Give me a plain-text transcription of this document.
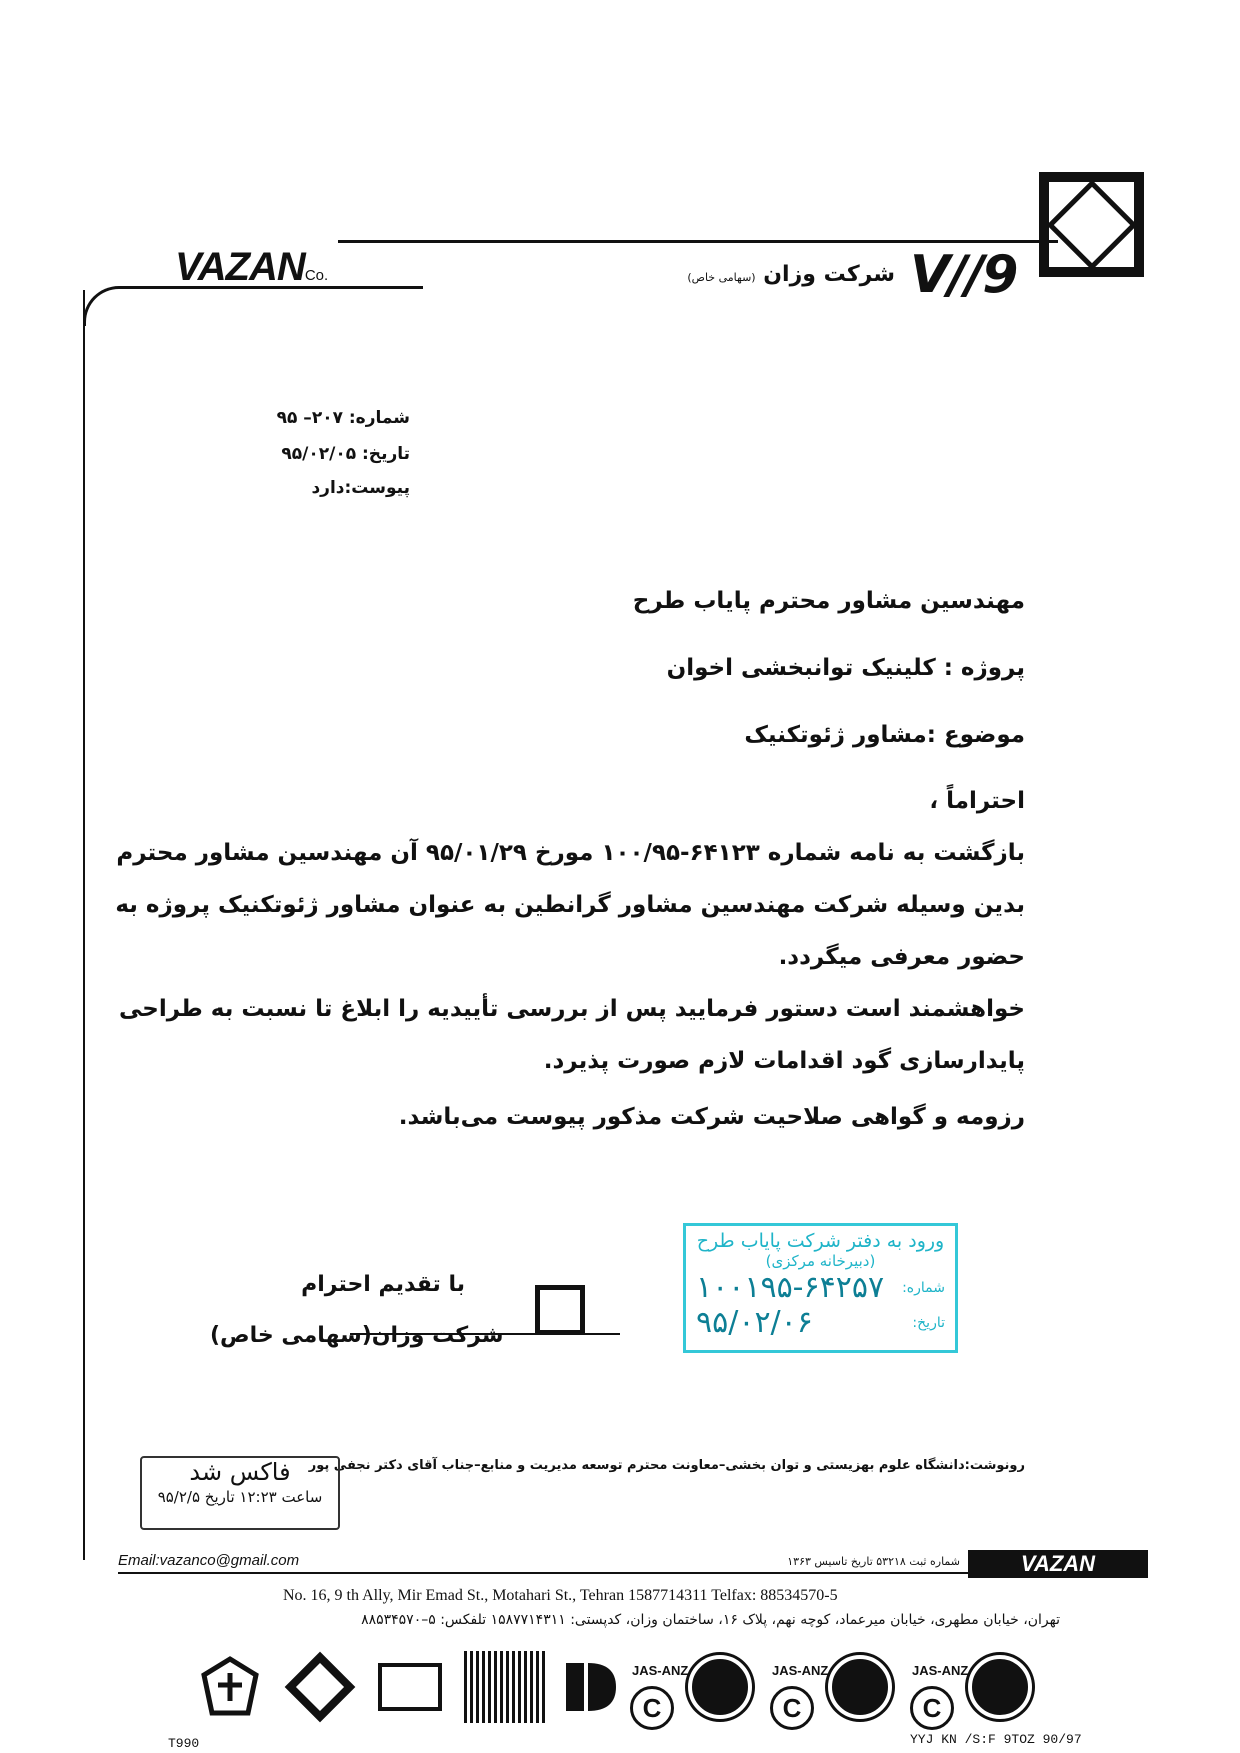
V//9
شرکت وزان (سهامی خاص)
VAZANCo.
شماره: ۲۰۷– ۹۵
تاریخ: ۹۵/۰۲/۰۵
پیوست:دارد
مهندسین مشاور محترم پایاب طرح
پروژه : کلینیک توانبخشی اخوان
موضوع :مشاور ژئوتکنیک
احتراماً ،
بازگشت به نامه شماره ۶۴۱۲۳-۱۰۰/۹۵ مورخ ۹۵/۰۱/۲۹ آن مهندسین مشاور محترم
بدین وسیله شرکت مهندسین مشاور گرانطین به عنوان مشاور ژئوتکنیک پروژه به
حضور معرفی میگردد.
خواهشمند است دستور فرمایید پس از بررسی تأییدیه را ابلاغ تا نسبت به طراحی
پایدارسازی گود اقدامات لازم صورت پذیرد.
رزومه و گواهی صلاحیت شرکت مذکور پیوست می‌باشد.
با تقدیم احترام
شرکت وزان(سهامی خاص)
ورود به دفتر شرکت پایاب طرح
(دبیرخانه مرکزی)
شماره:
۱۰۰۱۹۵-۶۴۲۵۷
تاریخ:
۹۵/۰۲/۰۶
رونوشت:دانشگاه علوم بهزیستی و توان بخشی–معاونت محترم توسعه مدیریت و منابع–جناب آقای دکتر نجفی پور
فاکس شد
ساعت ۱۲:۲۳ تاریخ ۹۵/۲/۵
Email:vazanco@gmail.com	شماره ثبت ۵۳۲۱۸ تاریخ تاسیس ۱۳۶۳	VAZAN
No. 16, 9 th Ally, Mir Emad St., Motahari St., Tehran 1587714311 Telfax: 88534570-5
تهران، خیابان مطهری، خیابان میرعماد، کوچه نهم، پلاک ۱۶، ساختمان وزان، کدپستی: ۱۵۸۷۷۱۴۳۱۱ تلفکس: ۵–۸۸۵۳۴۵۷۰
JAS-ANZ
C
JAS-ANZ
C
JAS-ANZ
C
T990	YYJ KN /S:F 9TOZ 90/97
